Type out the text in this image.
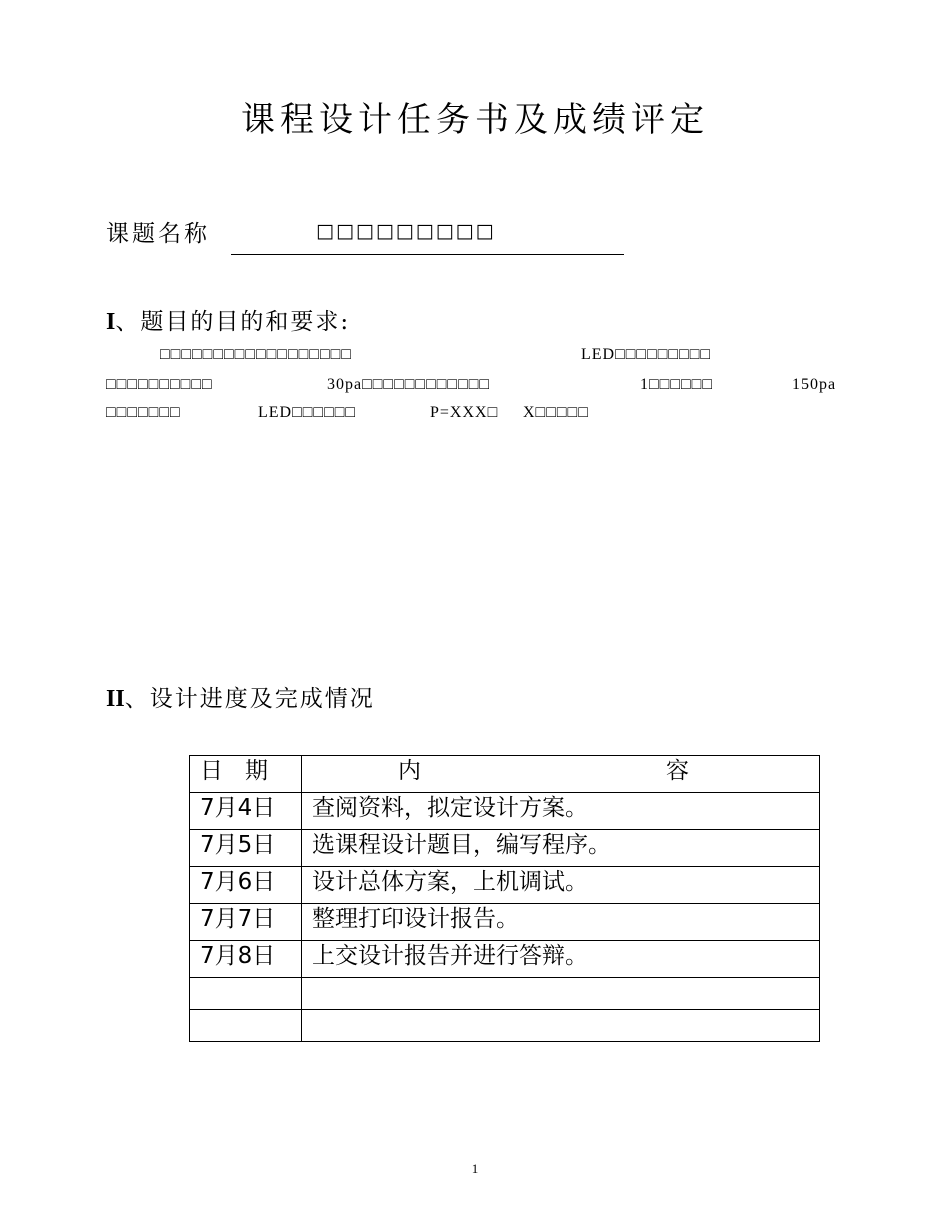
课程设计任务书及成绩评定
课题名称	□□□□□□□□□
I、题目的目的和要求:
□□□□□□□□□□□□□□□□□□	LED□□□□□□□□□
□□□□□□□□□□	30pa□□□□□□□□□□□□	1□□□□□□	150pa
□□□□□□□	LED□□□□□□	P=XXX□ X□□□□□
II、设计进度及完成情况
日期	内 容

7月4日	查阅资料，拟定设计方案。
7月5日	选课程设计题目，编写程序。
7月6日	设计总体方案，上机调试。
7月7日	整理打印设计报告。
7月8日	上交设计报告并进行答辩。

1
